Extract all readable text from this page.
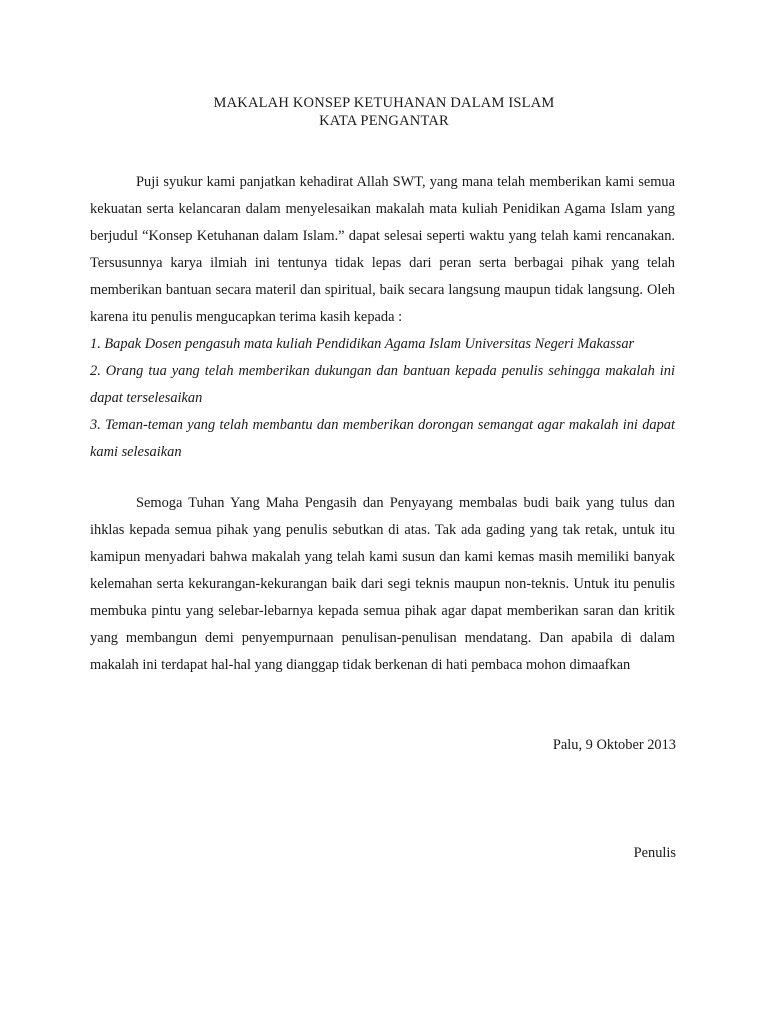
MAKALAH KONSEP KETUHANAN DALAM ISLAM
KATA PENGANTAR

Puji syukur kami panjatkan kehadirat Allah SWT, yang mana telah memberikan kami semua kekuatan serta kelancaran dalam menyelesaikan makalah mata kuliah Penidikan Agama Islam yang berjudul “Konsep Ketuhanan dalam Islam.” dapat selesai seperti waktu yang telah kami rencanakan. Tersusunnya karya ilmiah ini tentunya tidak lepas dari peran serta berbagai pihak yang telah memberikan bantuan secara materil dan spiritual, baik secara langsung maupun tidak langsung. Oleh karena itu penulis mengucapkan terima kasih kepada :

1. Bapak Dosen pengasuh mata kuliah Pendidikan Agama Islam Universitas Negeri Makassar
2. Orang tua yang telah memberikan dukungan dan bantuan kepada penulis sehingga makalah ini dapat terselesaikan
3. Teman-teman yang telah membantu dan memberikan dorongan semangat agar makalah ini dapat kami selesaikan

Semoga Tuhan Yang Maha Pengasih dan Penyayang membalas budi baik yang tulus dan ihklas kepada semua pihak yang penulis sebutkan di atas. Tak ada gading yang tak retak, untuk itu kamipun menyadari bahwa makalah yang telah kami susun dan kami kemas masih memiliki banyak kelemahan serta kekurangan-kekurangan baik dari segi teknis maupun non-teknis. Untuk itu penulis membuka pintu yang selebar-lebarnya kepada semua pihak agar dapat memberikan saran dan kritik yang membangun demi penyempurnaan penulisan-penulisan mendatang. Dan apabila di dalam makalah ini terdapat hal-hal yang dianggap tidak berkenan di hati pembaca mohon dimaafkan

Palu, 9 Oktober 2013
Penulis
